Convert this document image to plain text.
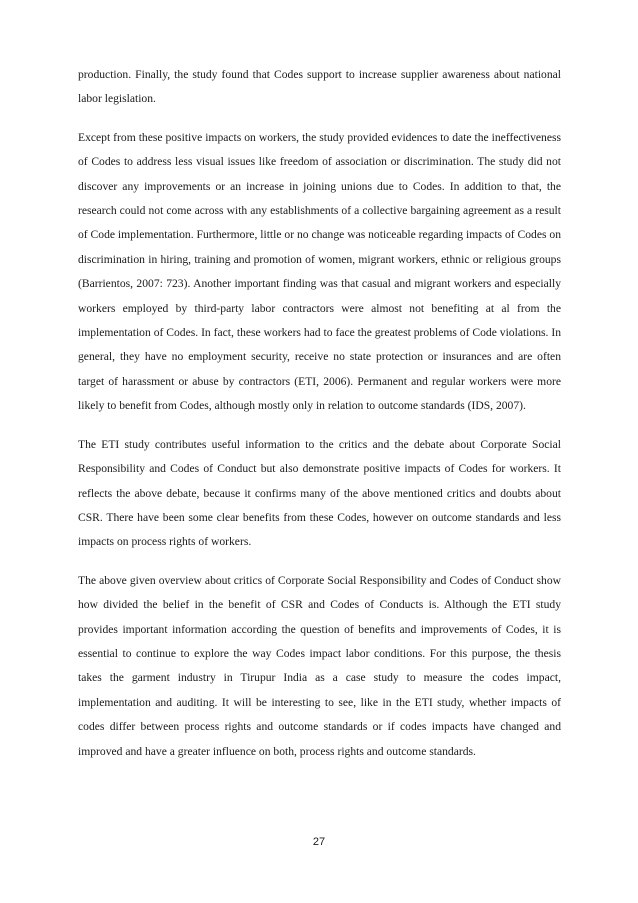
production. Finally, the study found that Codes support to increase supplier awareness about national labor legislation.

Except from these positive impacts on workers, the study provided evidences to date the ineffectiveness of Codes to address less visual issues like freedom of association or discrimination. The study did not discover any improvements or an increase in joining unions due to Codes. In addition to that, the research could not come across with any establishments of a collective bargaining agreement as a result of Code implementation. Furthermore, little or no change was noticeable regarding impacts of Codes on discrimination in hiring, training and promotion of women, migrant workers, ethnic or religious groups (Barrientos, 2007: 723). Another important finding was that casual and migrant workers and especially workers employed by third-party labor contractors were almost not benefiting at al from the implementation of Codes. In fact, these workers had to face the greatest problems of Code violations. In general, they have no employment security, receive no state protection or insurances and are often target of harassment or abuse by contractors (ETI, 2006). Permanent and regular workers were more likely to benefit from Codes, although mostly only in relation to outcome standards (IDS, 2007).

The ETI study contributes useful information to the critics and the debate about Corporate Social Responsibility and Codes of Conduct but also demonstrate positive impacts of Codes for workers. It reflects the above debate, because it confirms many of the above mentioned critics and doubts about CSR. There have been some clear benefits from these Codes, however on outcome standards and less impacts on process rights of workers.

The above given overview about critics of Corporate Social Responsibility and Codes of Conduct show how divided the belief in the benefit of CSR and Codes of Conducts is. Although the ETI study provides important information according the question of benefits and improvements of Codes, it is essential to continue to explore the way Codes impact labor conditions. For this purpose, the thesis takes the garment industry in Tirupur India as a case study to measure the codes impact, implementation and auditing. It will be interesting to see, like in the ETI study, whether impacts of codes differ between process rights and outcome standards or if codes impacts have changed and improved and have a greater influence on both, process rights and outcome standards.

27
